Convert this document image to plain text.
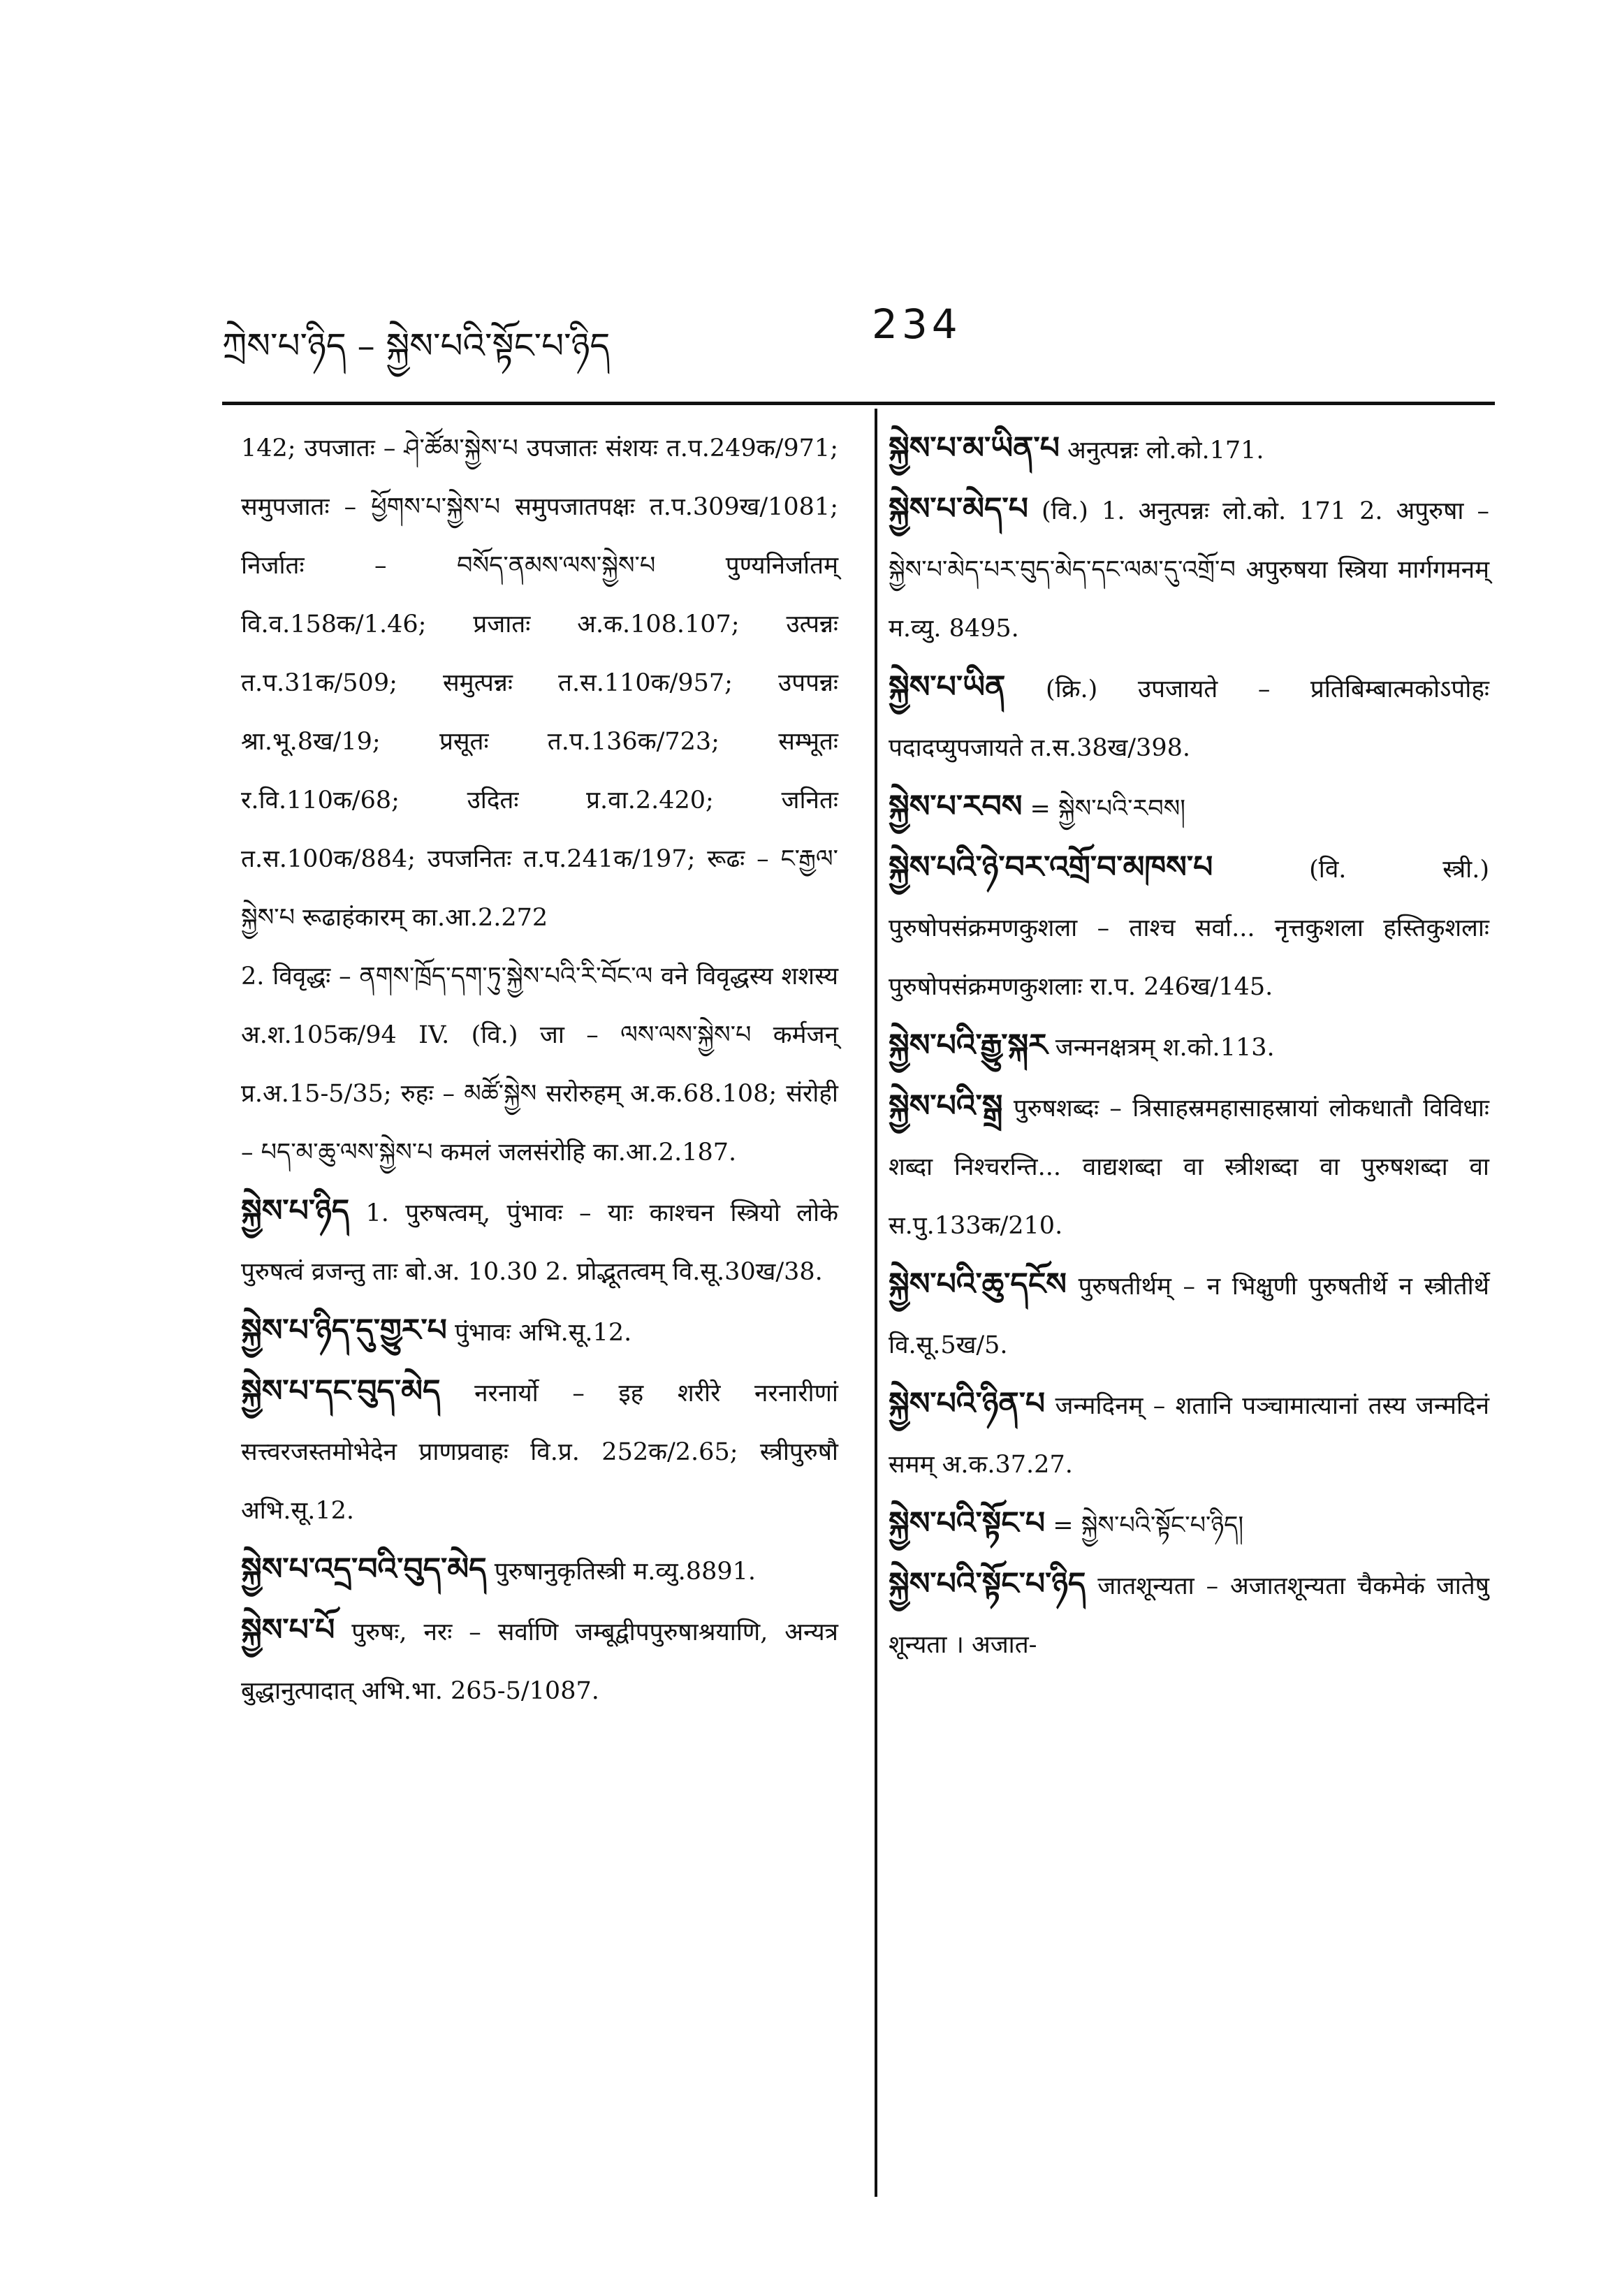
ཀྲེས་པ་ཉིད – སྐྱེས་པའི་སྟོང་པ་ཉིད	234

142; उपजातः – ཤེ་ཚོམ་སྐྱེས་པ उपजातः संशयः त.प.249क/971; समुपजातः – ཕྱོགས་པ་སྐྱེས་པ समुपजातपक्षः त.प.309ख/1081; निर्जातः – བསོད་ནམས་ལས་སྐྱེས་པ पुण्यनिर्जातम् वि.व.158क/1.46; प्रजातः अ.क.108.107; उत्पन्नः त.प.31क/509; समुत्पन्नः त.स.110क/957; उपपन्नः श्रा.भू.8ख/19; प्रसूतः त.प.136क/723; सम्भूतः र.वि.110क/68; उदितः प्र.वा.2.420; जनितः त.स.100क/884; उपजनितः त.प.241क/197; रूढः – ང་རྒྱལ་སྐྱེས་པ रूढाहंकारम् का.आ.2.272

2. विवृद्धः – ནགས་ཁྲོད་དག་ཏུ་སྐྱེས་པའི་རི་བོང་ལ वने विवृद्धस्य शशस्य अ.श.105क/94 IV. (वि.) जा – ལས་ལས་སྐྱེས་པ कर्मजन् प्र.अ.15-5/35; रुहः – མཚོ་སྐྱེས सरोरुहम् अ.क.68.108; संरोही – པད་མ་ཆུ་ལས་སྐྱེས་པ कमलं जलसंरोहि का.आ.2.187.

སྐྱེས་པ་ཉིད 1. पुरुषत्वम्, पुंभावः – याः काश्चन स्त्रियो लोके पुरुषत्वं व्रजन्तु ताः बो.अ. 10.30 2. प्रोद्भूतत्वम् वि.सू.30ख/38.

སྐྱེས་པ་ཉིད་དུ་གྱུར་པ पुंभावः अभि.सू.12.

སྐྱེས་པ་དང་བུད་མེད नरनार्यो – इह शरीरे नरनारीणां सत्त्वरजस्तमोभेदेन प्राणप्रवाहः वि.प्र. 252क/2.65; स्त्रीपुरुषौ अभि.सू.12.

སྐྱེས་པ་འདྲ་བའི་བུད་མེད पुरुषानुकृतिस्त्री म.व्यु.8891.

སྐྱེས་པ་པོ पुरुषः, नरः – सर्वाणि जम्बूद्वीपपुरुषाश्रयाणि, अन्यत्र बुद्धानुत्पादात् अभि.भा. 265-5/1087.

སྐྱེས་པ་མ་ཡིན་པ अनुत्पन्नः लो.को.171.

སྐྱེས་པ་མེད་པ (वि.) 1. अनुत्पन्नः लो.को. 171 2. अपुरुषा – སྐྱེས་པ་མེད་པར་བུད་མེད་དང་ལམ་དུ་འགྲོ་བ अपुरुषया स्त्रिया मार्गगमनम् म.व्यु. 8495.

སྐྱེས་པ་ཡིན (क्रि.) उपजायते – प्रतिबिम्बात्मकोऽपोहः पदादप्युपजायते त.स.38ख/398.

སྐྱེས་པ་རབས = སྐྱེས་པའི་རབས།

སྐྱེས་པའི་ཉེ་བར་འགྲོ་བ་མཁས་པ	(वि. स्त्री.) पुरुषोपसंक्रमणकुशला – ताश्च सर्वा... नृत्तकुशला हस्तिकुशलाः पुरुषोपसंक्रमणकुशलाः रा.प. 246ख/145.

སྐྱེས་པའི་རྒྱུ་སྐར जन्मनक्षत्रम् श.को.113.

སྐྱེས་པའི་སྒྲ पुरुषशब्दः – त्रिसाहस्रमहासाहस्रायां लोकधातौ विविधाः शब्दा निश्चरन्ति... वाद्यशब्दा वा स्त्रीशब्दा वा पुरुषशब्दा वा स.पु.133क/210.

སྐྱེས་པའི་ཆུ་དངོས पुरुषतीर्थम् – न भिक्षुणी पुरुषतीर्थे न स्त्रीतीर्थे वि.सू.5ख/5.

སྐྱེས་པའི་ཉིན་པ जन्मदिनम् – शतानि पञ्चामात्यानां तस्य जन्मदिनं समम् अ.क.37.27.

སྐྱེས་པའི་སྟོང་པ = སྐྱེས་པའི་སྟོང་པ་ཉིད།

སྐྱེས་པའི་སྟོང་པ་ཉིད जातशून्यता – अजातशून्यता चैकमेकं जातेषु शून्यता । अजात-
